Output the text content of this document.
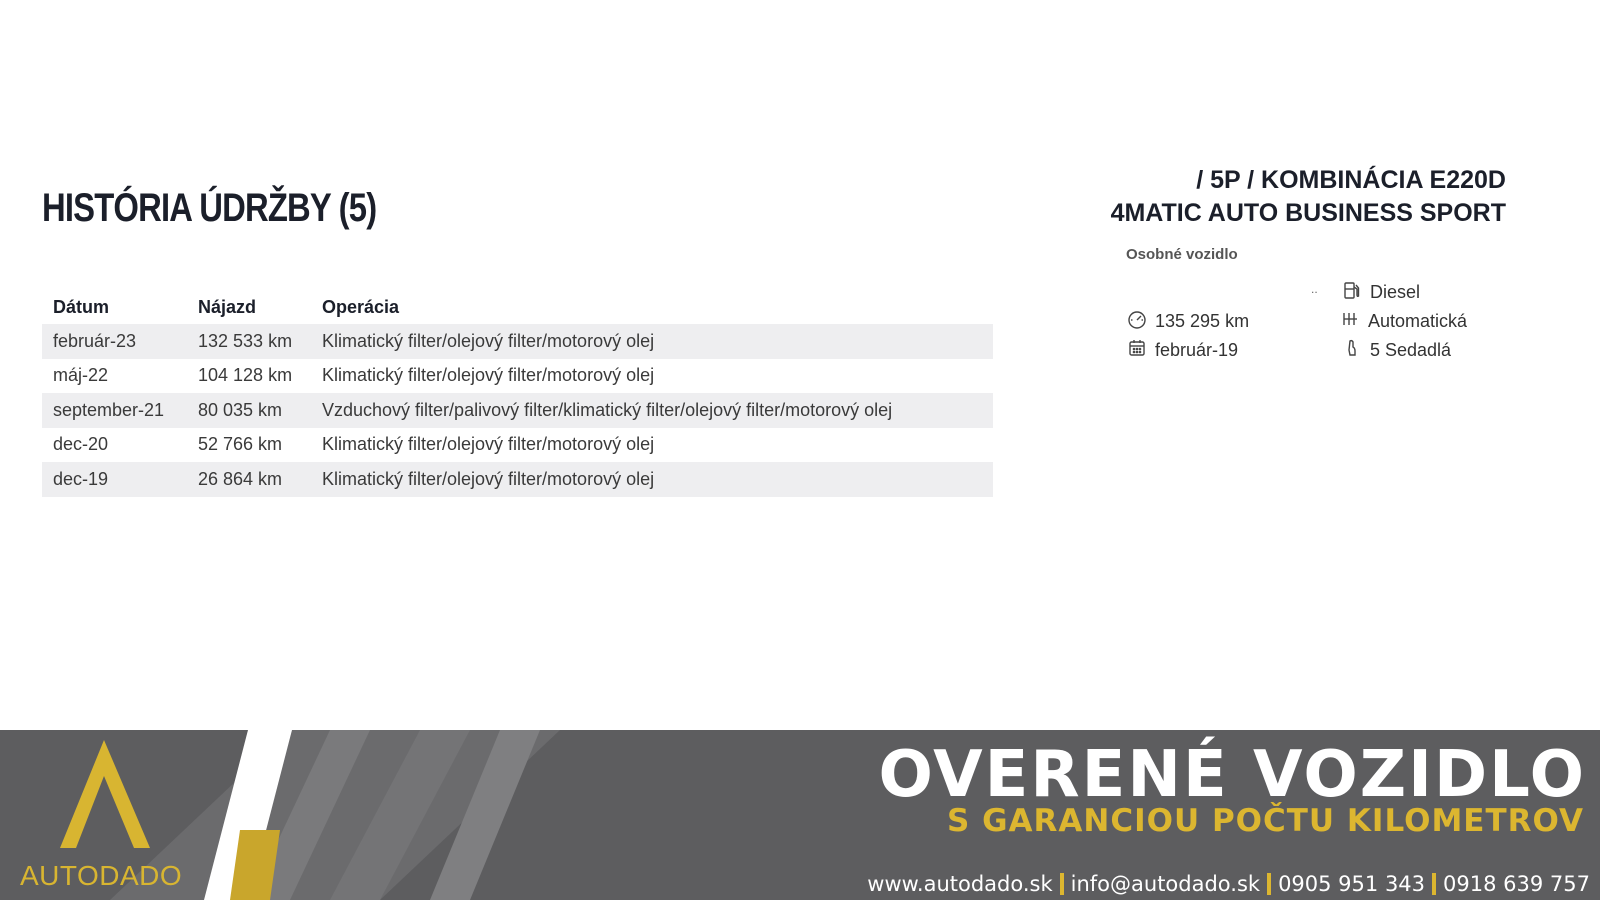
HISTÓRIA ÚDRŽBY (5)
Dátum	Nájazd	Operácia
február-23	132 533 km	Klimatický filter/olejový filter/motorový olej
máj-22	104 128 km	Klimatický filter/olejový filter/motorový olej
september-21	80 035 km	Vzduchový filter/palivový filter/klimatický filter/olejový filter/motorový olej
dec-20	52 766 km	Klimatický filter/olejový filter/motorový olej
dec-19	26 864 km	Klimatický filter/olejový filter/motorový olej
/ 5P / KOMBINÁCIA E220D
4MATIC AUTO BUSINESS SPORT
Osobné vozidlo
..	Diesel
135 295 km	Automatická
február-19	5 Sedadlá
AUTODADO
OVERENÉ VOZIDLO
S GARANCIOU POČTU KILOMETROV
www.autodado.sk info@autodado.sk 0905 951 343 0918 639 757
